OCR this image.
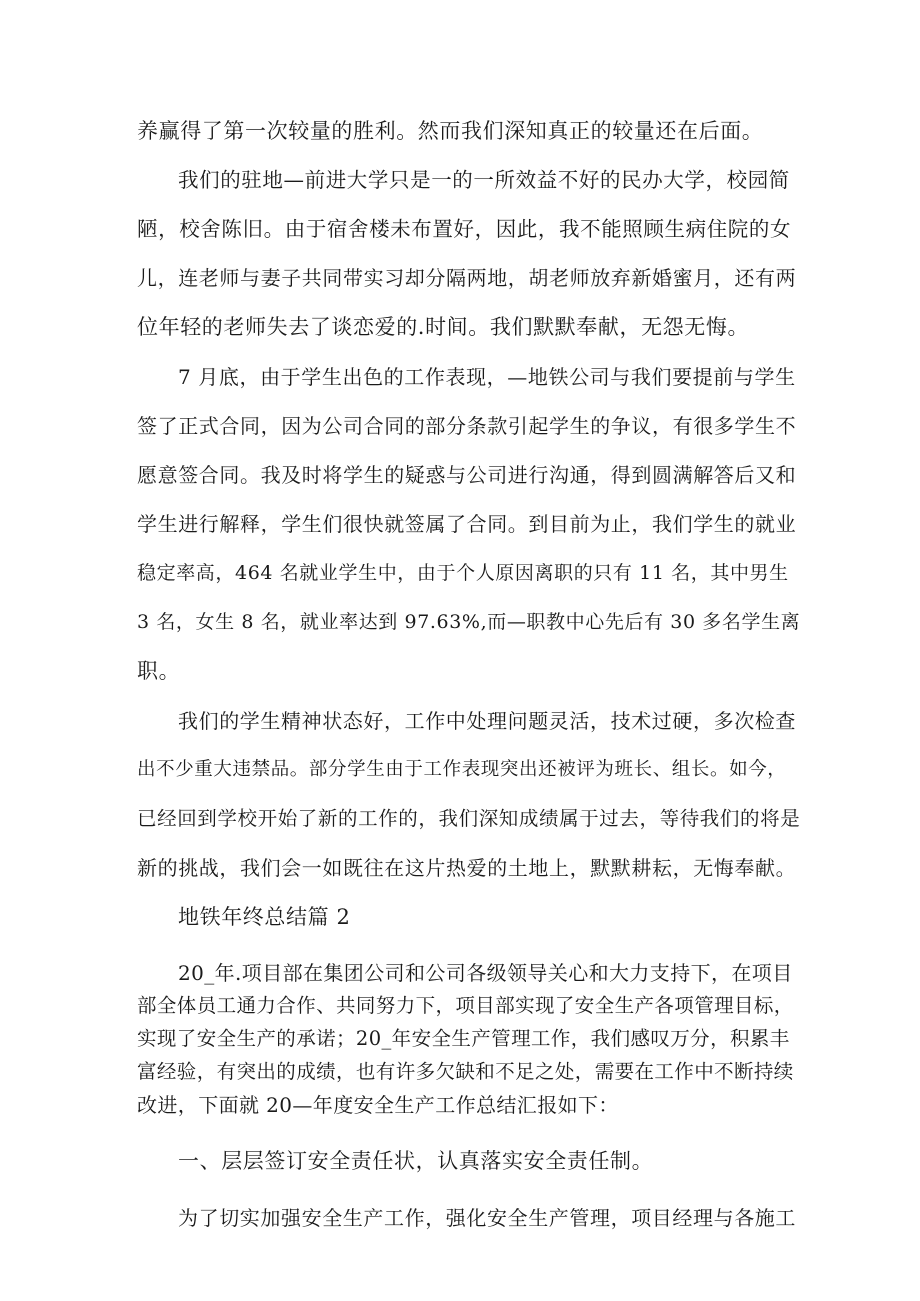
养赢得了第一次较量的胜利。然而我们深知真正的较量还在后面。
我们的驻地—前进大学只是一的一所效益不好的民办大学，校园简
陋，校舍陈旧。由于宿舍楼未布置好，因此，我不能照顾生病住院的女
儿，连老师与妻子共同带实习却分隔两地，胡老师放弃新婚蜜月，还有两
位年轻的老师失去了谈恋爱的.时间。我们默默奉献，无怨无悔。
7 月底，由于学生出色的工作表现，—地铁公司与我们要提前与学生
签了正式合同，因为公司合同的部分条款引起学生的争议，有很多学生不
愿意签合同。我及时将学生的疑惑与公司进行沟通，得到圆满解答后又和
学生进行解释，学生们很快就签属了合同。到目前为止，我们学生的就业
稳定率高，464 名就业学生中，由于个人原因离职的只有 11 名，其中男生
3 名，女生 8 名，就业率达到 97.63%,而—职教中心先后有 30 多名学生离
职。
我们的学生精神状态好，工作中处理问题灵活，技术过硬，多次检查
出不少重大违禁品。部分学生由于工作表现突出还被评为班长、组长。如今，
已经回到学校开始了新的工作的，我们深知成绩属于过去，等待我们的将是
新的挑战，我们会一如既往在这片热爱的土地上，默默耕耘，无悔奉献。
地铁年终总结篇 2
20_年.项目部在集团公司和公司各级领导关心和大力支持下，在项目
部全体员工通力合作、共同努力下，项目部实现了安全生产各项管理目标，
实现了安全生产的承诺；20_年安全生产管理工作，我们感叹万分，积累丰
富经验，有突出的成绩，也有许多欠缺和不足之处，需要在工作中不断持续
改进，下面就 20—年度安全生产工作总结汇报如下：
一、层层签订安全责任状，认真落实安全责任制。
为了切实加强安全生产工作，强化安全生产管理，项目经理与各施工
